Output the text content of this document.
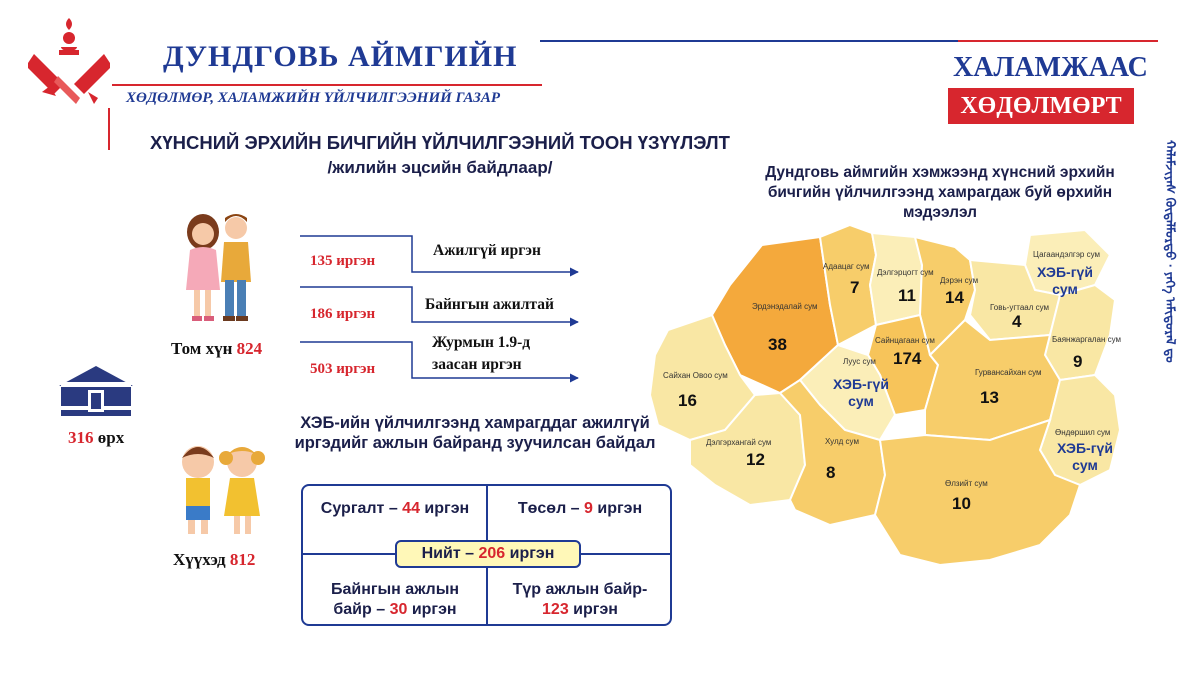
ДУНДГОВЬ АЙМГИЙН
ХӨДӨЛМӨР, ХАЛАМЖИЙН ҮЙЛЧИЛГЭЭНИЙ ГАЗАР
ХАЛАМЖААС
ХӨДӨЛМӨРТ
ᠬᠠᠯᠠᠮᠵᠢᠶᠠᠰ ᠬᠥᠳᠡᠯᠮᠦᠷᠲᠦ · ᠶᠡᠬᠡ ᠠᠮᠢᠳᠤᠷᠠᠯ ᠳᠤ
ХҮНСНИЙ ЭРХИЙН БИЧГИЙН ҮЙЛЧИЛГЭЭНИЙ ТООН ҮЗҮҮЛЭЛТ
/жилийн эцсийн байдлаар/
Том хүн 824
316 өрх
Хүүхэд 812
135 иргэн
Ажилгүй иргэн
186 иргэн
Байнгын ажилтай
503 иргэн
Журмын 1.9-д
заасан иргэн
ХЭБ-ийн үйлчилгээнд хамрагддаг ажилгүй иргэдийг ажлын байранд зуучилсан байдал
Сургалт – 44 иргэн	Төсөл – 9 иргэн
Байнгын ажлын
байр – 30 иргэн
Түр ажлын байр-
123 иргэн
Нийт – 206 иргэн
Дундговь аймгийн хэмжээнд хүнсний эрхийн бичгийн үйлчилгээнд хамрагдаж буй өрхийн мэдээлэл
Эрдэнэдалай сум
38
Адаацаг сум
7
Дэлгэрцогт сум
11
Дэрэн сум
14
Цагаандэлгэр сум
ХЭБ-гүй
сум
Говь-угтаал сум
4
Баянжаргалан сум
9
Сайнцагаан сум
174
Луус сум
ХЭБ-гүй
сум
Сайхан Овоо сум
16
Гурвансайхан сум
13
Дэлгэрхангай сум
12
Хулд сум
8
Өндөршил сум
ХЭБ-гүй
сум
Өлзийт сум
10
